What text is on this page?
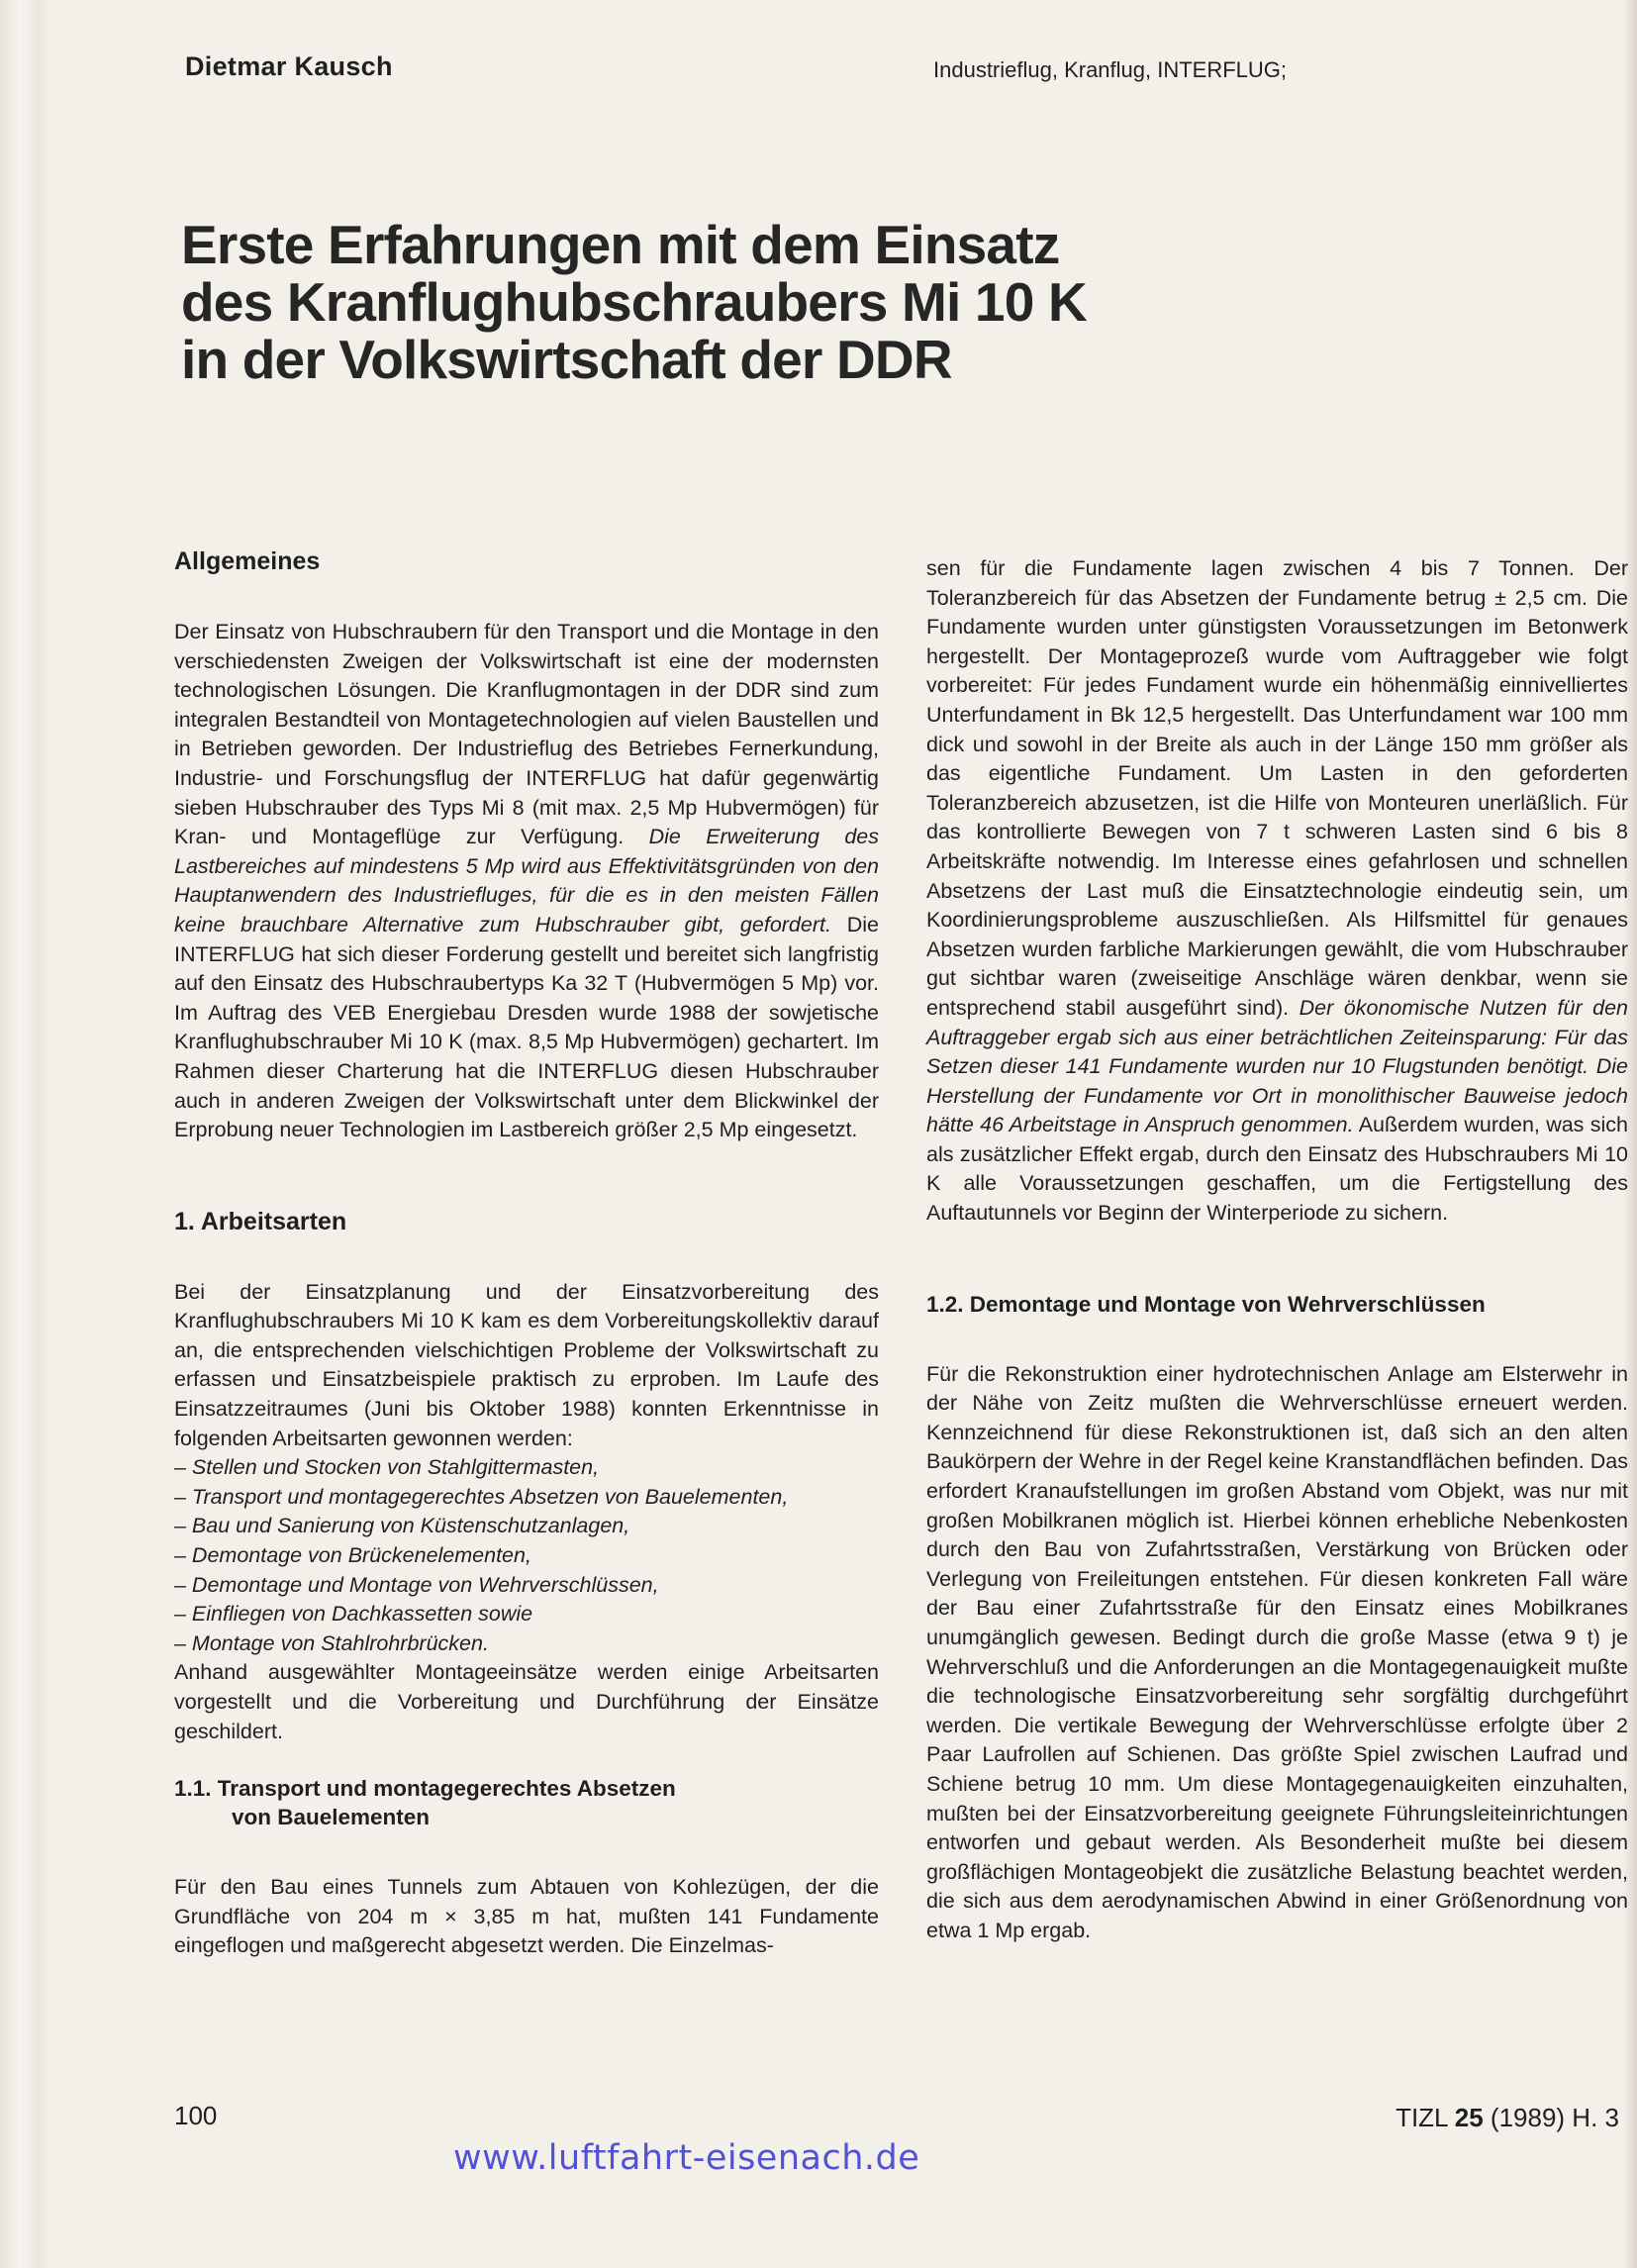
Dietmar Kausch	Industrieflug, Kranflug, INTERFLUG;
Erste Erfahrungen mit dem Einsatz
des Kranflughubschraubers Mi 10 K
in der Volkswirtschaft der DDR
Allgemeines

Der Einsatz von Hubschraubern für den Transport und die Montage in den verschiedensten Zweigen der Volkswirtschaft ist eine der modernsten technologischen Lösungen. Die Kranflugmontagen in der DDR sind zum integralen Bestandteil von Montagetechnologien auf vielen Baustellen und in Betrieben geworden. Der Industrieflug des Betriebes Fernerkundung, Industrie- und Forschungsflug der INTERFLUG hat dafür gegenwärtig sieben Hubschrauber des Typs Mi 8 (mit max. 2,5 Mp Hubvermögen) für Kran- und Montageflüge zur Verfügung. Die Erweiterung des Lastbereiches auf mindestens 5 Mp wird aus Effektivitätsgründen von den Hauptanwendern des Industriefluges, für die es in den meisten Fällen keine brauchbare Alternative zum Hubschrauber gibt, gefordert. Die INTERFLUG hat sich dieser Forderung gestellt und bereitet sich langfristig auf den Einsatz des Hubschraubertyps Ka 32 T (Hubvermögen 5 Mp) vor. Im Auftrag des VEB Energiebau Dresden wurde 1988 der sowjetische Kranflughubschrauber Mi 10 K (max. 8,5 Mp Hubvermögen) gechartert. Im Rahmen dieser Charterung hat die INTERFLUG diesen Hubschrauber auch in anderen Zweigen der Volkswirtschaft unter dem Blickwinkel der Erprobung neuer Technologien im Lastbereich größer 2,5 Mp eingesetzt.

1. Arbeitsarten

Bei der Einsatzplanung und der Einsatzvorbereitung des Kranflughubschraubers Mi 10 K kam es dem Vorbereitungskollektiv darauf an, die entsprechenden vielschichtigen Probleme der Volkswirtschaft zu erfassen und Einsatzbeispiele praktisch zu erproben. Im Laufe des Einsatzzeitraumes (Juni bis Oktober 1988) konnten Erkenntnisse in folgenden Arbeitsarten gewonnen werden:

– Stellen und Stocken von Stahlgittermasten,
– Transport und montagegerechtes Absetzen von Bauelementen,
– Bau und Sanierung von Küstenschutzanlagen,
– Demontage von Brückenelementen,
– Demontage und Montage von Wehrverschlüssen,
– Einfliegen von Dachkassetten sowie
– Montage von Stahlrohrbrücken.

Anhand ausgewählter Montageeinsätze werden einige Arbeitsarten vorgestellt und die Vorbereitung und Durchführung der Einsätze geschildert.

1.1. Transport und montagegerechtes Absetzen
von Bauelementen

Für den Bau eines Tunnels zum Abtauen von Kohlezügen, der die Grundfläche von 204 m × 3,85 m hat, mußten 141 Fundamente eingeflogen und maßgerecht abgesetzt werden. Die Einzelmas-

sen für die Fundamente lagen zwischen 4 bis 7 Tonnen. Der Toleranzbereich für das Absetzen der Fundamente betrug ± 2,5 cm. Die Fundamente wurden unter günstigsten Voraussetzungen im Betonwerk hergestellt. Der Montageprozeß wurde vom Auftraggeber wie folgt vorbereitet: Für jedes Fundament wurde ein höhenmäßig einnivelliertes Unterfundament in Bk 12,5 hergestellt. Das Unterfundament war 100 mm dick und sowohl in der Breite als auch in der Länge 150 mm größer als das eigentliche Fundament. Um Lasten in den geforderten Toleranzbereich abzusetzen, ist die Hilfe von Monteuren unerläßlich. Für das kontrollierte Bewegen von 7 t schweren Lasten sind 6 bis 8 Arbeitskräfte notwendig. Im Interesse eines gefahrlosen und schnellen Absetzens der Last muß die Einsatztechnologie eindeutig sein, um Koordinierungsprobleme auszuschließen. Als Hilfsmittel für genaues Absetzen wurden farbliche Markierungen gewählt, die vom Hubschrauber gut sichtbar waren (zweiseitige Anschläge wären denkbar, wenn sie entsprechend stabil ausgeführt sind). Der ökonomische Nutzen für den Auftraggeber ergab sich aus einer beträchtlichen Zeiteinsparung: Für das Setzen dieser 141 Fundamente wurden nur 10 Flugstunden benötigt. Die Herstellung der Fundamente vor Ort in monolithischer Bauweise jedoch hätte 46 Arbeitstage in Anspruch genommen. Außerdem wurden, was sich als zusätzlicher Effekt ergab, durch den Einsatz des Hubschraubers Mi 10 K alle Voraussetzungen geschaffen, um die Fertigstellung des Auftautunnels vor Beginn der Winterperiode zu sichern.

1.2. Demontage und Montage von Wehrverschlüssen

Für die Rekonstruktion einer hydrotechnischen Anlage am Elsterwehr in der Nähe von Zeitz mußten die Wehrverschlüsse erneuert werden. Kennzeichnend für diese Rekonstruktionen ist, daß sich an den alten Baukörpern der Wehre in der Regel keine Kranstandflächen befinden. Das erfordert Kranaufstellungen im großen Abstand vom Objekt, was nur mit großen Mobilkranen möglich ist. Hierbei können erhebliche Nebenkosten durch den Bau von Zufahrtsstraßen, Verstärkung von Brücken oder Verlegung von Freileitungen entstehen. Für diesen konkreten Fall wäre der Bau einer Zufahrtsstraße für den Einsatz eines Mobilkranes unumgänglich gewesen. Bedingt durch die große Masse (etwa 9 t) je Wehrverschluß und die Anforderungen an die Montagegenauigkeit mußte die technologische Einsatzvorbereitung sehr sorgfältig durchgeführt werden. Die vertikale Bewegung der Wehrverschlüsse erfolgte über 2 Paar Laufrollen auf Schienen. Das größte Spiel zwischen Laufrad und Schiene betrug 10 mm. Um diese Montagegenauigkeiten einzuhalten, mußten bei der Einsatzvorbereitung geeignete Führungsleiteinrichtungen entworfen und gebaut werden. Als Besonderheit mußte bei diesem großflächigen Montageobjekt die zusätzliche Belastung beachtet werden, die sich aus dem aerodynamischen Abwind in einer Größenordnung von etwa 1 Mp ergab.

100	TIZL 25 (1989) H. 3
www.luftfahrt-eisenach.de
